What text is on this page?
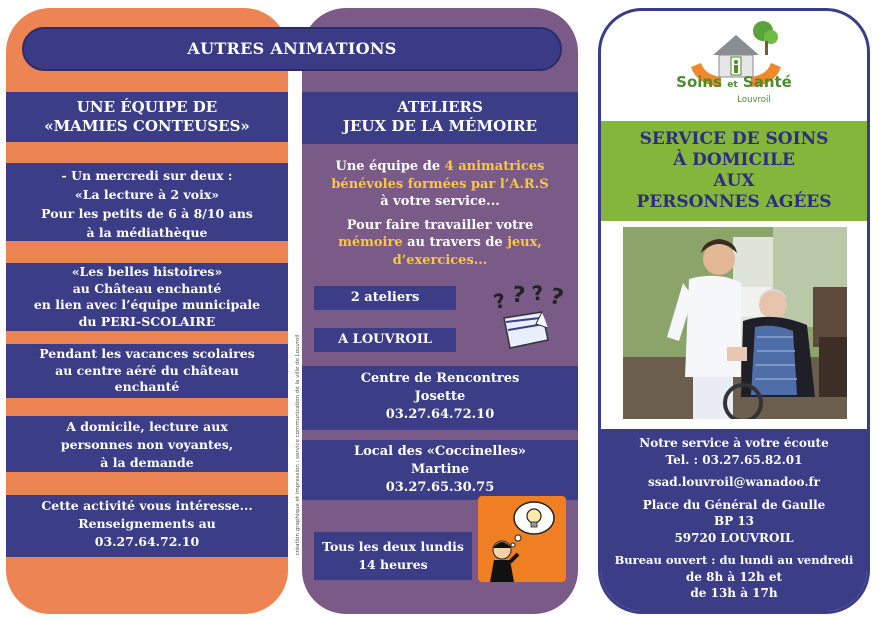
UNE ÉQUIPE DE
«MAMIES CONTEUSES»
- Un mercredi sur deux :
«La lecture à 2 voix»
Pour les petits de 6 à 8/10 ans
à la médiathèque
«Les belles histoires»
au Château enchanté
en lien avec l’équipe municipale
du PERI-SCOLAIRE
Pendant les vacances scolaires
au centre aéré du château
enchanté
A domicile, lecture aux
personnes non voyantes,
à la demande
Cette activité vous intéresse...
Renseignements au
03.27.64.72.10
ATELIERS
JEUX DE LA MÉMOIRE
Une équipe de 4 animatrices
bénévoles formées par l’A.R.S
à votre service...
Pour faire travailler votre
mémoire au travers de jeux,
d’exercices...
2 ateliers
A LOUVROIL
? ? ? ?
Centre de Rencontres
Josette
03.27.64.72.10
Local des «Coccinelles»
Martine
03.27.65.30.75
Tous les deux lundis
14 heures
AUTRES ANIMATIONS
création graphique et impression : service communication de la ville de Louvroil
Soins et Santé
Louvroil
SERVICE DE SOINS
À DOMICILE
AUX
PERSONNES AGÉES
Notre service à votre écoute
Tel. : 03.27.65.82.01
ssad.louvroil@wanadoo.fr
Place du Général de Gaulle
BP 13
59720 LOUVROIL
Bureau ouvert : du lundi au vendredi
de 8h à 12h et
de 13h à 17h
